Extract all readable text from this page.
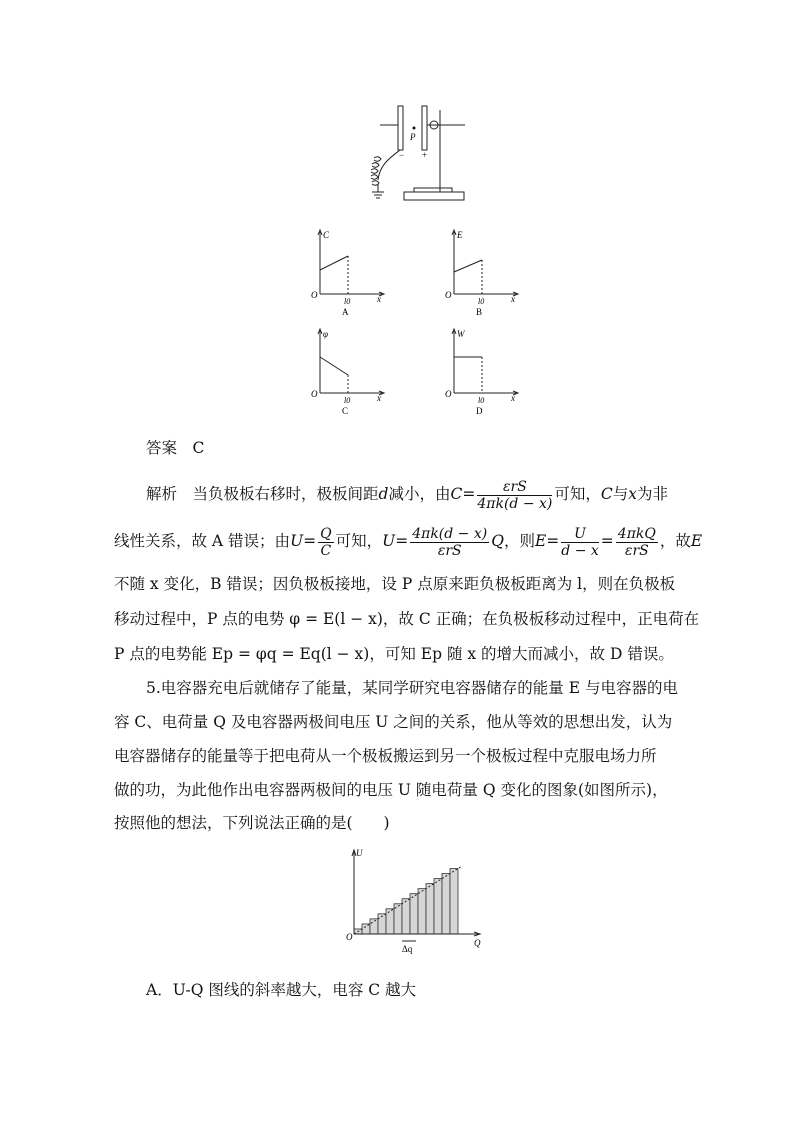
P
− +
C
O	x
l0
A
E
O	x
l0
B
φ
O	x
l0
C
W
O	x
l0
D
答案　 C
解析　 当负极板右移时，极板间距d减小，由$C= \frac{\text{εrS}}{4\pi k(d - x)}$ 可知，C与x为非
线性关系，故 A 错误；由$U= \frac{Q}{C}$ 可知，$U= \frac{4\pi k(d - x)}{\text{εrS}}$ Q，则$E= \frac{U}{d - x} = \frac{\text{4πkQ}}{\text{εrS}}$ ，故E
不随 x 变化，B 错误；因负极板接地，设 P 点原来距负极板距离为 l，则在负极板
移动过程中，P 点的电势 φ = E(l − x)，故 C 正确；在负极板移动过程中，正电荷在
P 点的电势能 Ep = φq = Eq(l − x)，可知 Ep 随 x 的增大而减小，故 D 错误。
5.电容器充电后就储存了能量，某同学研究电容器储存的能量 E 与电容器的电
容 C、电荷量 Q 及电容器两极间电压 U 之间的关系，他从等效的思想出发，认为
电容器储存的能量等于把电荷从一个极板搬运到另一个极板过程中克服电场力所
做的功，为此他作出电容器两极间的电压 U 随电荷量 Q 变化的图象(如图所示)，
按照他的想法，下列说法正确的是(　　)
U
O
Q
Δq
A．U-Q 图线的斜率越大，电容 C 越大
